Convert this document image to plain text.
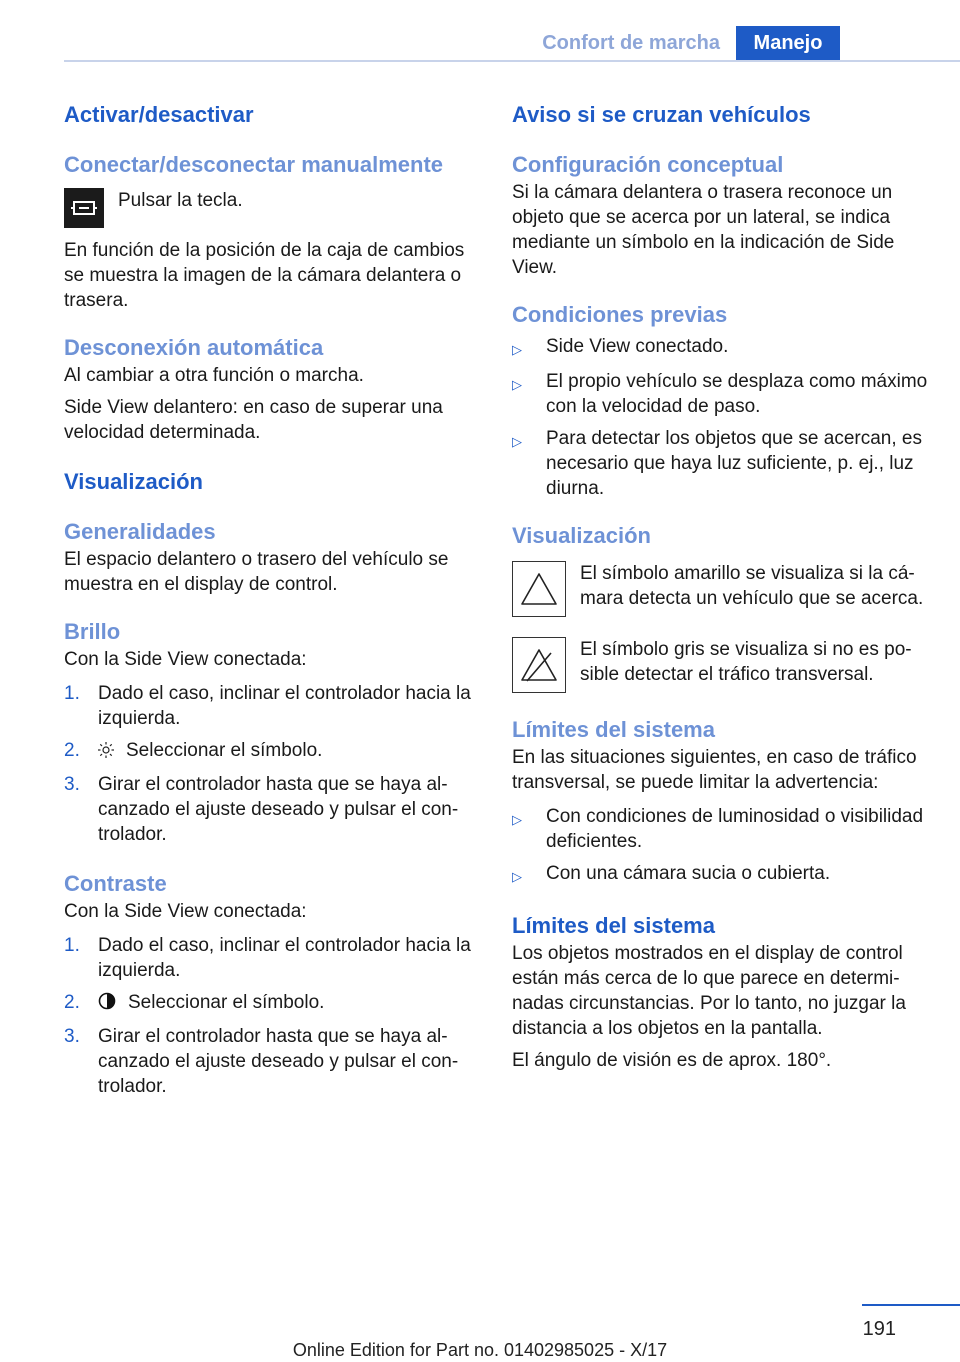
Confort de marcha	Manejo
Activar/desactivar
Conectar/desconectar manualmente

Pulsar la tecla.

En función de la posición de la caja de cambios se muestra la imagen de la cámara delantera o trasera.

Desconexión automática

Al cambiar a otra función o marcha.

Side View delantero: en caso de superar una velocidad determinada.

Visualización
Generalidades

El espacio delantero o trasero del vehículo se muestra en el display de control.

Brillo

Con la Side View conectada:

1. Dado el caso, inclinar el controlador hacia la izquierda.
2.	Seleccionar el símbolo.
3. Girar el controlador hasta que se haya alcanzado el ajuste deseado y pulsar el controlador.
Contraste

Con la Side View conectada:

1. Dado el caso, inclinar el controlador hacia la izquierda.
2.	Seleccionar el símbolo.
3. Girar el controlador hasta que se haya alcanzado el ajuste deseado y pulsar el controlador.
Aviso si se cruzan vehículos
Configuración conceptual

Si la cámara delantera o trasera reconoce un objeto que se acerca por un lateral, se indica mediante un símbolo en la indicación de Side View.

Condiciones previas
▷	Side View conectado.
▷	El propio vehículo se desplaza como máximo con la velocidad de paso.
▷	Para detectar los objetos que se acercan, es necesario que haya luz suficiente, p. ej., luz diurna.
Visualización

El símbolo amarillo se visualiza si la cámara detecta un vehículo que se acerca.

El símbolo gris se visualiza si no es posible detectar el tráfico transversal.

Límites del sistema

En las situaciones siguientes, en caso de tráfico transversal, se puede limitar la advertencia:

▷	Con condiciones de luminosidad o visibilidad deficientes.
▷	Con una cámara sucia o cubierta.
Límites del sistema

Los objetos mostrados en el display de control están más cerca de lo que parece en determinadas circunstancias. Por lo tanto, no juzgar la distancia a los objetos en la pantalla.

El ángulo de visión es de aprox. 180°.

191
Online Edition for Part no. 01402985025 - X/17
